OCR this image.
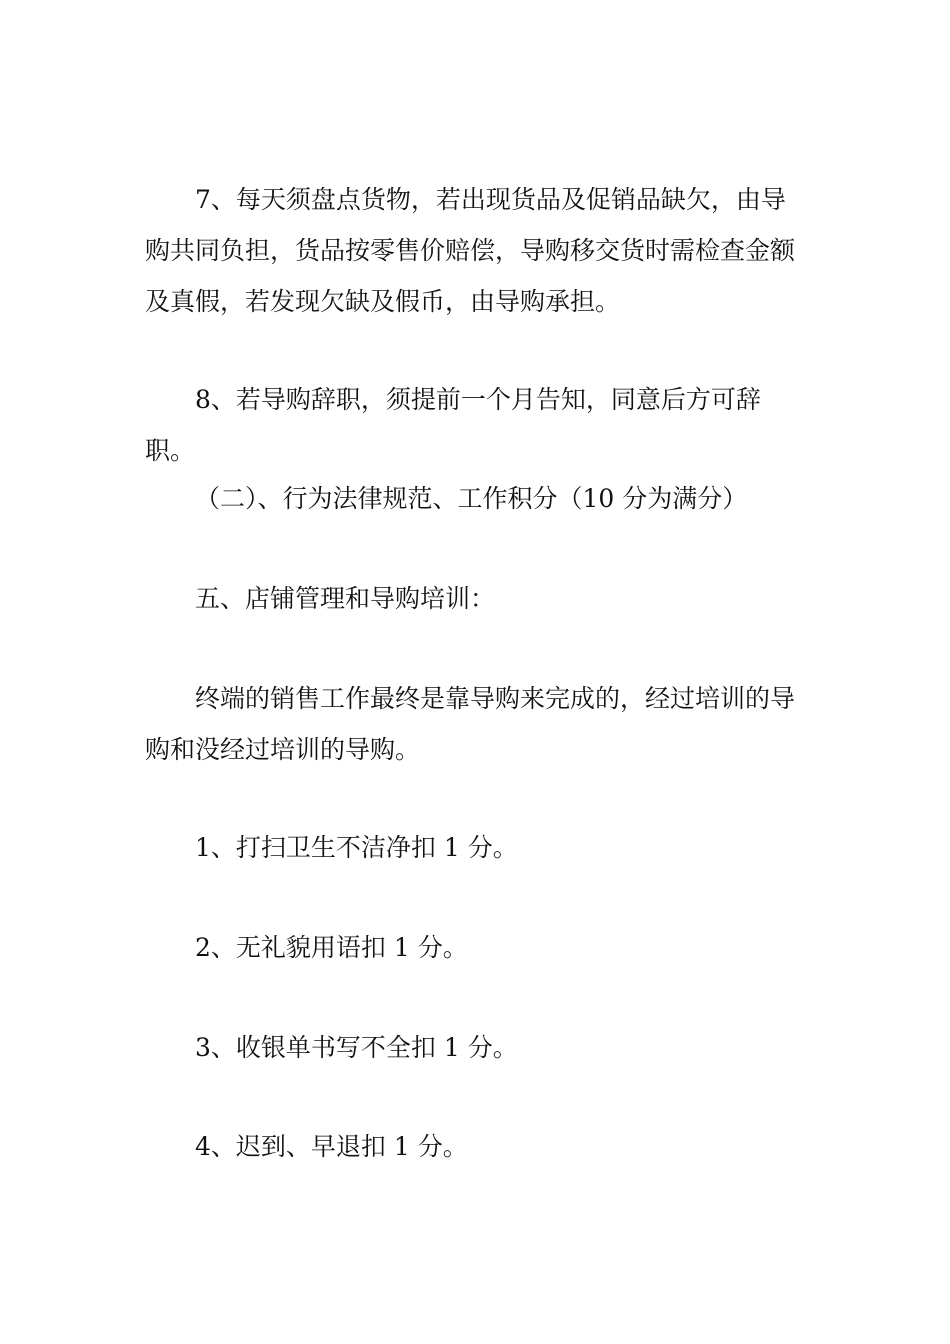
7、每天须盘点货物，若出现货品及促销品缺欠，由导购共同负担，货品按零售价赔偿，导购移交货时需检查金额及真假，若发现欠缺及假币，由导购承担。

8、若导购辞职，须提前一个月告知，同意后方可辞职。

（二）、行为法律规范、工作积分（10 分为满分）

五、店铺管理和导购培训：

终端的销售工作最终是靠导购来完成的，经过培训的导购和没经过培训的导购。

1、打扫卫生不洁净扣 1 分。

2、无礼貌用语扣 1 分。

3、收银单书写不全扣 1 分。

4、迟到、早退扣 1 分。
